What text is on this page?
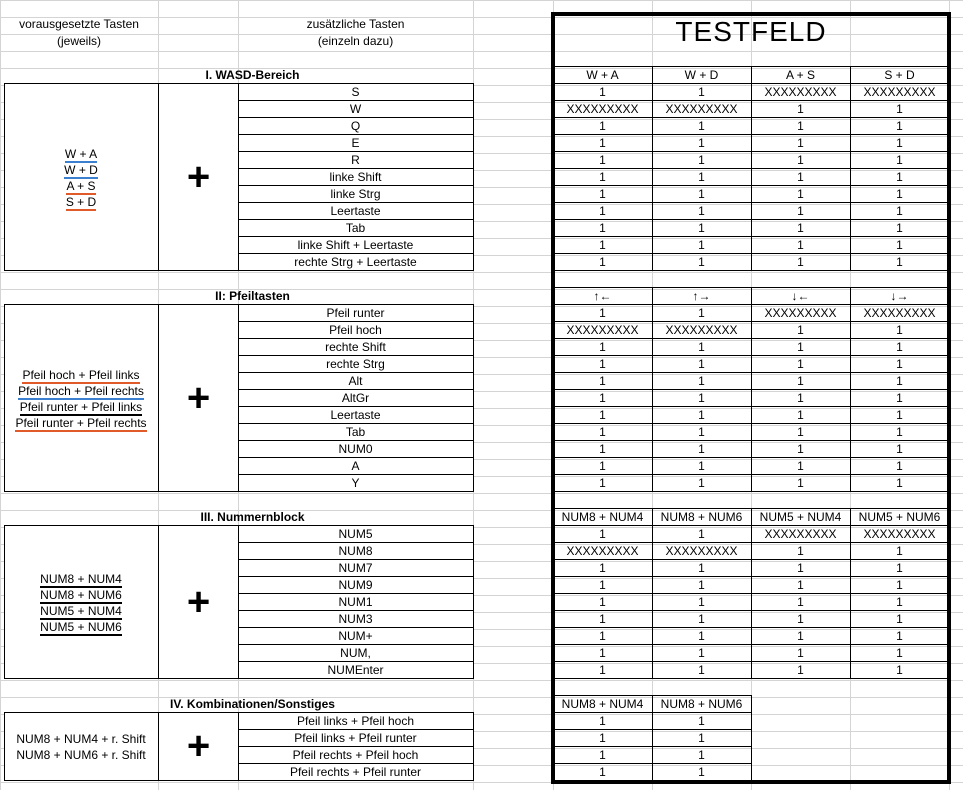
vorausgesetzte Tasten
(jeweils)
zusätzliche Tasten
(einzeln dazu)
I. WASD-Bereich	W + A	W + D	A + S	S + D
W + A
W + D
A + S
S + D
+
S	1	1	XXXXXXXXX	XXXXXXXXX
W	XXXXXXXXX	XXXXXXXXX	1	1
Q	1	1	1	1
E	1	1	1	1
R	1	1	1	1
linke Shift	1	1	1	1
linke Strg	1	1	1	1
Leertaste	1	1	1	1
Tab	1	1	1	1
linke Shift + Leertaste	1	1	1	1
rechte Strg + Leertaste	1	1	1	1
II: Pfeiltasten	↑←	↑→	↓←	↓→
Pfeil hoch + Pfeil links
Pfeil hoch + Pfeil rechts
Pfeil runter + Pfeil links
Pfeil runter + Pfeil rechts
+
Pfeil runter	1	1	XXXXXXXXX	XXXXXXXXX
Pfeil hoch	XXXXXXXXX	XXXXXXXXX	1	1
rechte Shift	1	1	1	1
rechte Strg	1	1	1	1
Alt	1	1	1	1
AltGr	1	1	1	1
Leertaste	1	1	1	1
Tab	1	1	1	1
NUM0	1	1	1	1
A	1	1	1	1
Y	1	1	1	1
III. Nummernblock	NUM8 + NUM4	NUM8 + NUM6	NUM5 + NUM4	NUM5 + NUM6
NUM8 + NUM4
NUM8 + NUM6
NUM5 + NUM4
NUM5 + NUM6
+
NUM5	1	1	XXXXXXXXX	XXXXXXXXX
NUM8	XXXXXXXXX	XXXXXXXXX	1	1
NUM7	1	1	1	1
NUM9	1	1	1	1
NUM1	1	1	1	1
NUM3	1	1	1	1
NUM+	1	1	1	1
NUM,	1	1	1	1
NUMEnter	1	1	1	1
IV. Kombinationen/Sonstiges	NUM8 + NUM4	NUM8 + NUM6
NUM8 + NUM4 + r. Shift
NUM8 + NUM6 + r. Shift	+
Pfeil links + Pfeil hoch	1	1
Pfeil links + Pfeil runter	1	1
Pfeil rechts + Pfeil hoch	1	1
Pfeil rechts + Pfeil runter	1	1
TESTFELD
